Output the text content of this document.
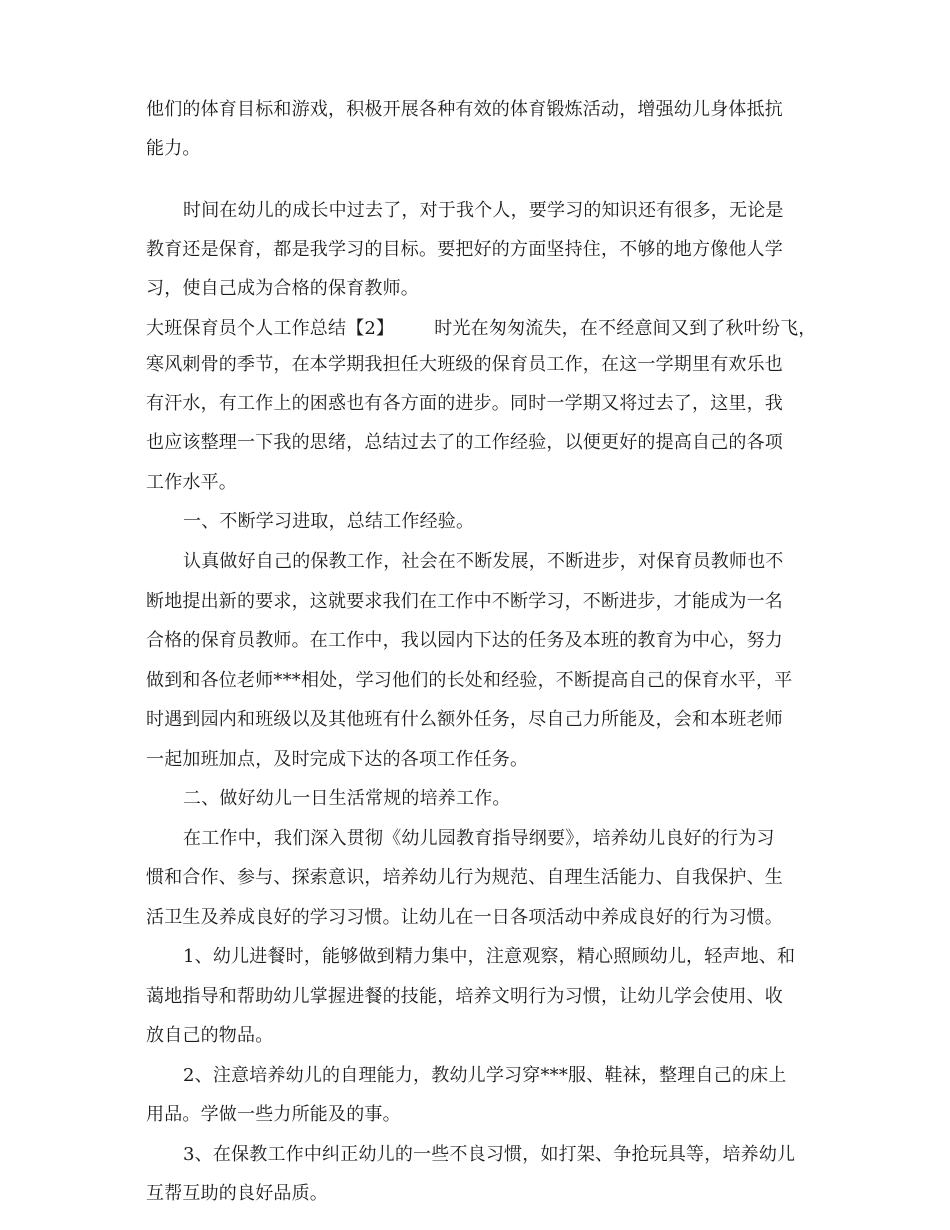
他们的体育目标和游戏，积极开展各种有效的体育锻炼活动，增强幼儿身体抵抗
能力。
时间在幼儿的成长中过去了，对于我个人，要学习的知识还有很多，无论是
教育还是保育，都是我学习的目标。要把好的方面坚持住，不够的地方像他人学
习，使自己成为合格的保育教师。
大班保育员个人工作总结【2】 时光在匆匆流失，在不经意间又到了秋叶纷飞，
寒风刺骨的季节，在本学期我担任大班级的保育员工作，在这一学期里有欢乐也
有汗水，有工作上的困惑也有各方面的进步。同时一学期又将过去了，这里，我
也应该整理一下我的思绪，总结过去了的工作经验，以便更好的提高自己的各项
工作水平。
一、不断学习进取，总结工作经验。
认真做好自己的保教工作，社会在不断发展，不断进步，对保育员教师也不
断地提出新的要求，这就要求我们在工作中不断学习，不断进步，才能成为一名
合格的保育员教师。在工作中，我以园内下达的任务及本班的教育为中心，努力
做到和各位老师***相处，学习他们的长处和经验，不断提高自己的保育水平，平
时遇到园内和班级以及其他班有什么额外任务，尽自己力所能及，会和本班老师
一起加班加点，及时完成下达的各项工作任务。
二、做好幼儿一日生活常规的培养工作。
在工作中，我们深入贯彻《幼儿园教育指导纲要》，培养幼儿良好的行为习
惯和合作、参与、探索意识，培养幼儿行为规范、自理生活能力、自我保护、生
活卫生及养成良好的学习习惯。让幼儿在一日各项活动中养成良好的行为习惯。
1、幼儿进餐时，能够做到精力集中，注意观察，精心照顾幼儿，轻声地、和
蔼地指导和帮助幼儿掌握进餐的技能，培养文明行为习惯，让幼儿学会使用、收
放自己的物品。
2、注意培养幼儿的自理能力，教幼儿学习穿***服、鞋袜，整理自己的床上
用品。学做一些力所能及的事。
3、在保教工作中纠正幼儿的一些不良习惯，如打架、争抢玩具等，培养幼儿
互帮互助的良好品质。
